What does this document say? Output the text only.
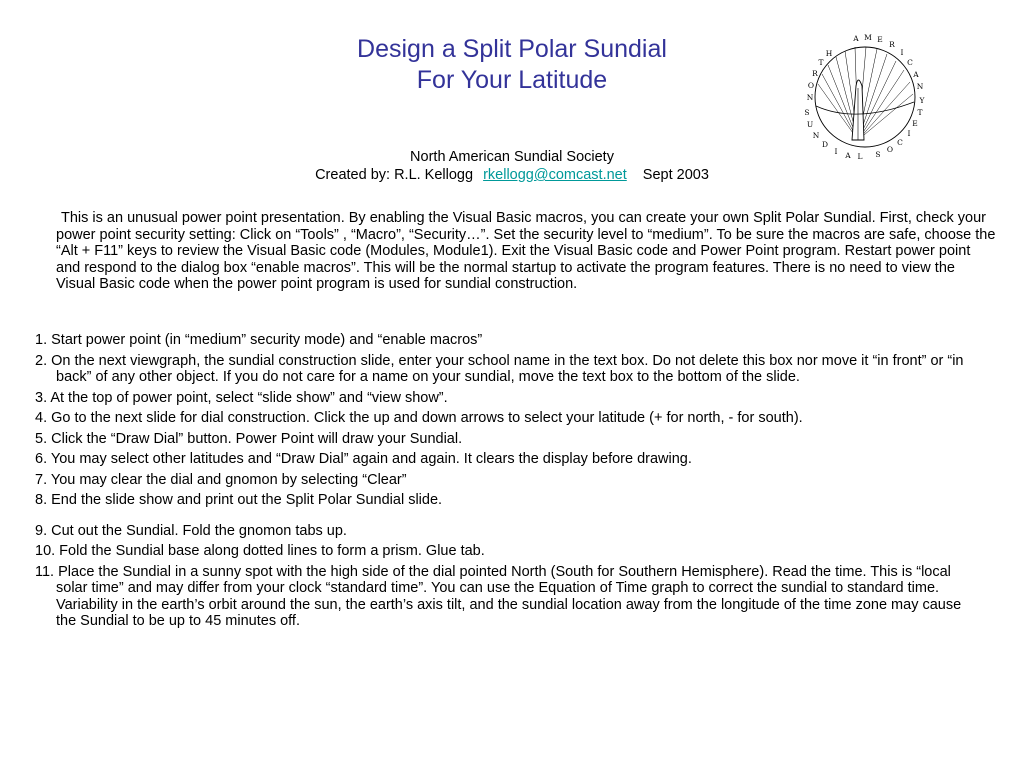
Design a Split Polar Sundial
For Your Latitude
N
O
R
T
H
A M E
R
I
C
A
N
S
U
N
D
I A L S
O
C
I
E
T
Y
North American Sundial Society
Created by: R.L. Kellogg rkellogg@comcast.net Sept 2003
This is an unusual power point presentation. By enabling the Visual Basic macros, you can create your own Split Polar Sundial. First, check your power point security setting: Click on “Tools” , “Macro”, “Security…”. Set the security level to “medium”. To be sure the macros are safe, choose the “Alt + F11” keys to review the Visual Basic code (Modules, Module1). Exit the Visual Basic code and Power Point program. Restart power point and respond to the dialog box “enable macros”. This will be the normal startup to activate the program features. There is no need to view the Visual Basic code when the power point program is used for sundial construction.
1. Start power point (in “medium” security mode) and “enable macros”
2. On the next viewgraph, the sundial construction slide, enter your school name in the text box. Do not delete this box nor move it “in front” or “in back” of any other object. If you do not care for a name on your sundial, move the text box to the bottom of the slide.
3. At the top of power point, select “slide show” and “view show”.
4. Go to the next slide for dial construction. Click the up and down arrows to select your latitude (+ for north, - for south).
5. Click the “Draw Dial” button. Power Point will draw your Sundial.
6. You may select other latitudes and “Draw Dial” again and again. It clears the display before drawing.
7. You may clear the dial and gnomon by selecting “Clear”
8. End the slide show and print out the Split Polar Sundial slide.
9. Cut out the Sundial. Fold the gnomon tabs up.
10. Fold the Sundial base along dotted lines to form a prism. Glue tab.
11. Place the Sundial in a sunny spot with the high side of the dial pointed North (South for Southern Hemisphere). Read the time. This is “local solar time” and may differ from your clock “standard time”. You can use the Equation of Time graph to correct the sundial to standard time. Variability in the earth’s orbit around the sun, the earth’s axis tilt, and the sundial location away from the longitude of the time zone may cause the Sundial to be up to 45 minutes off.
